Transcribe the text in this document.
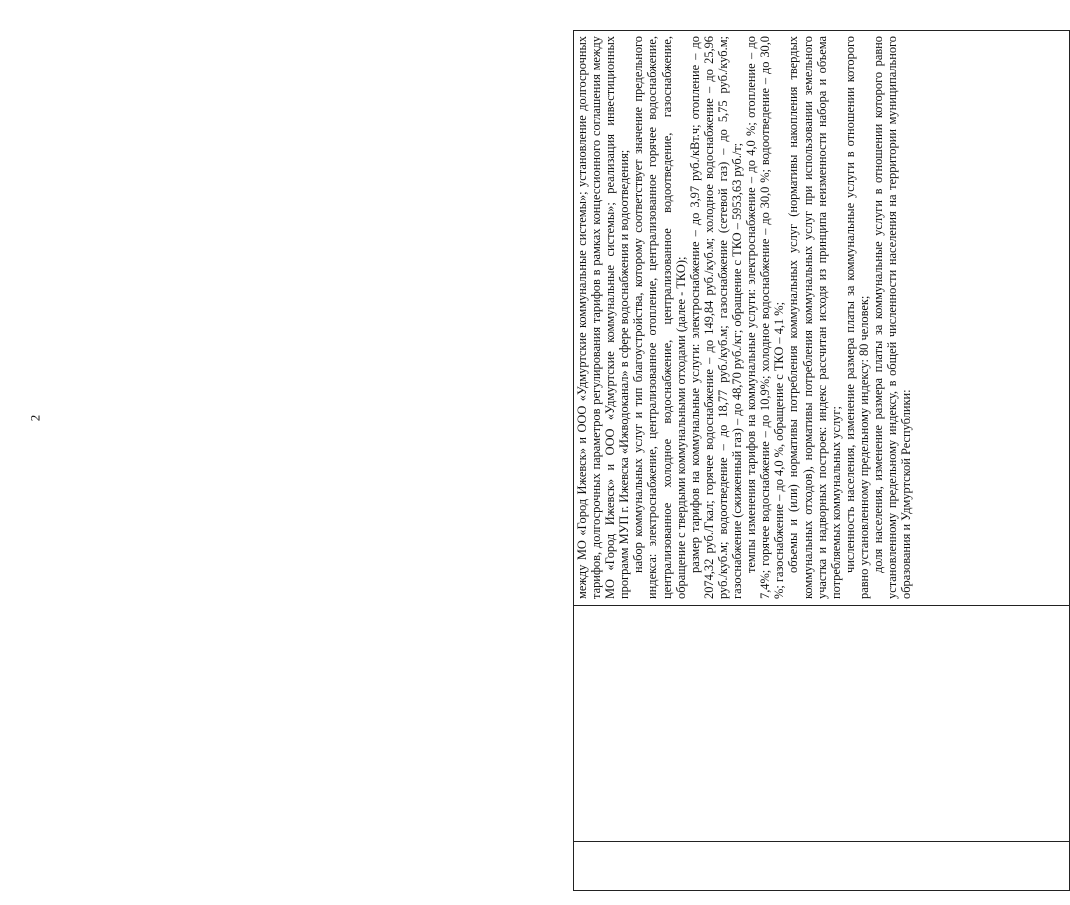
2	между МО «Город Ижевск» и ООО «Удмуртские коммунальные системы»; установление долгосрочных тарифов, долгосрочных параметров регулирования тарифов в рамках концессионного соглашения между МО «Город Ижевск» и ООО «Удмуртские коммунальные системы»; реализация инвестиционных программ МУП г. Ижевска «Ижводоканал» в сфере водоснабжения и водоотведения; набор коммунальных услуг и тип благоустройства, которому соответствует значение предельного индекса: электроснабжение, централизованное отопление, централизованное горячее водоснабжение, централизованное холодное водоснабжение, централизованное водоотведение, газоснабжение, обращение с твердыми коммунальными отходами (далее - ТКО); размер тарифов на коммунальные услуги: электроснабжение – до 3,97 руб./кВт.ч; отопление – до 2074,32 руб./Гкал; горячее водоснабжение – до 149,84 руб./куб.м; холодное водоснабжение – до 25,96 руб./куб.м; водоотведение – до 18,77 руб./куб.м; газоснабжение (сетевой газ) – до 5,75 руб./куб.м; газоснабжение (сжиженный газ) – до 48,70 руб./кг; обращение с ТКО – 5953,63 руб./т; темпы изменения тарифов на коммунальные услуги: электроснабжение – до 4,0 %; отопление – до 7,4%; горячее водоснабжение – до 10,9%; холодное водоснабжение – до 30,0 %; водоотведение – до 30,0 %; газоснабжение – до 4,0 %, обращение с ТКО – 4,1 %; объемы и (или) нормативы потребления коммунальных услуг (нормативы накопления твердых коммунальных отходов), нормативы потребления коммунальных услуг при использовании земельного участка и надворных построек: индекс рассчитан исходя из принципа неизменности набора и объема потребляемых коммунальных услуг; численность населения, изменение размера платы за коммунальные услуги в отношении которого равно установленному предельному индексу: 80 человек; доля населения, изменение размера платы за коммунальные услуги в отношении которого равно установленному предельному индексу, в общей численности населения на территории муниципального образования и Удмуртской Республики:
